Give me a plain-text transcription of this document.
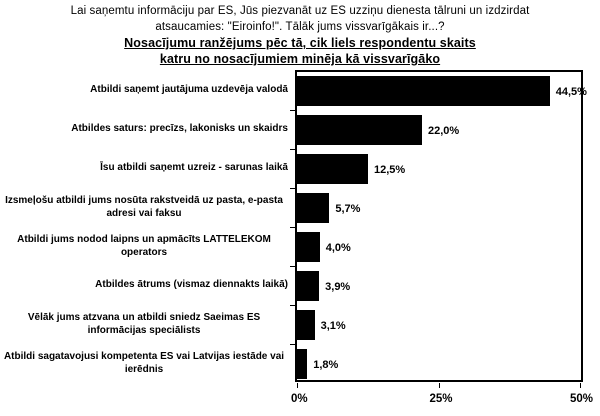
Lai saņemtu informāciju par ES, Jūs piezvanāt uz ES uzziņu dienesta tālruni un izdzirdat
atsaucamies: "Eiroinfo!". Tālāk jums vissvarīgākais ir...?
Nosacījumu ranžējums pēc tā, cik liels respondentu skaits
katru no nosacījumiem minēja kā vissvarīgāko
Atbildi saņemt jautājuma uzdevēja valodā
Atbildes saturs: precīzs, lakonisks un skaidrs
Īsu atbildi saņemt uzreiz - sarunas laikā
Izsmeļošu atbildi jums nosūta rakstveidā uz pasta, e-pasta adresi vai faksu
Atbildi jums nodod laipns un apmācīts LATTELEKOM operators
Atbildes ātrums (vismaz diennakts laikā)
Vēlāk jums atzvana un atbildi sniedz Saeimas ES informācijas speciālists
Atbildi sagatavojusi kompetenta ES vai Latvijas iestāde vai ierēdnis
44,5%
22,0%
12,5%
5,7%
4,0%
3,9%
3,1%
1,8%
0%	25%	50%
